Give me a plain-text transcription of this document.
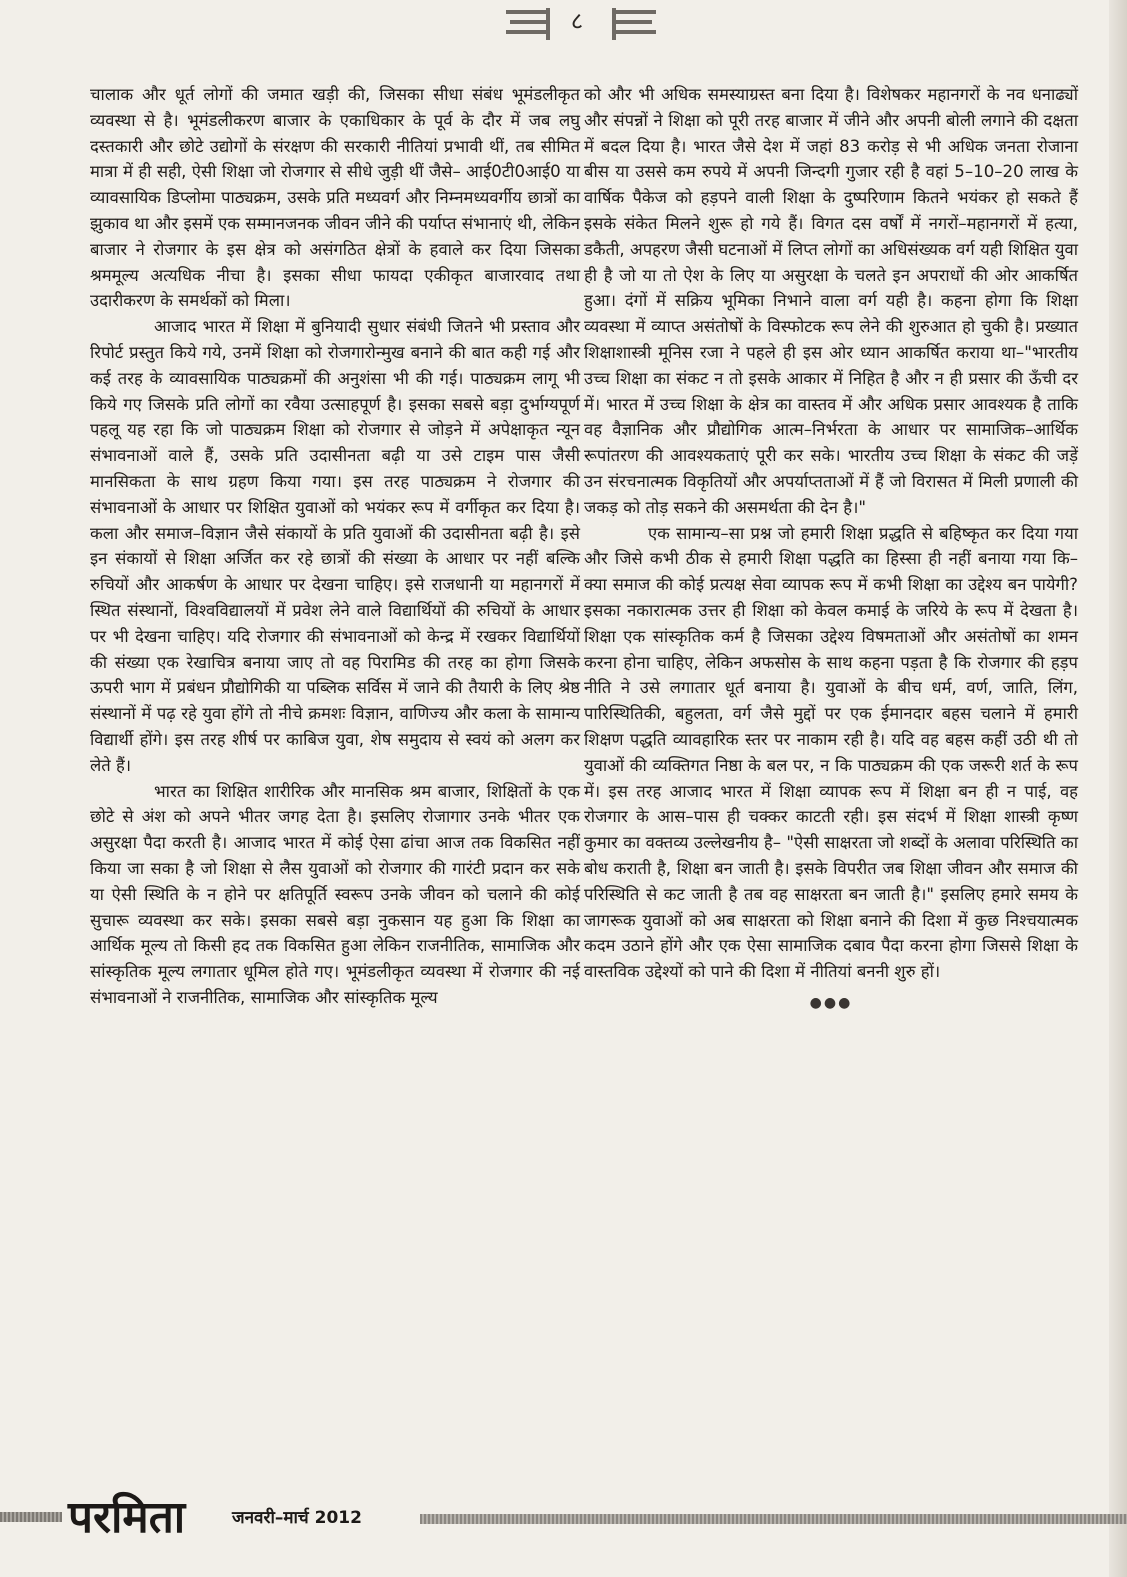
८

चालाक और धूर्त लोगों की जमात खड़ी की, जिसका सीधा संबंध भूमंडलीकृत व्यवस्था से है। भूमंडलीकरण बाजार के एकाधिकार के पूर्व के दौर में जब लघु दस्तकारी और छोटे उद्योगों के संरक्षण की सरकारी नीतियां प्रभावी थीं, तब सीमित मात्रा में ही सही, ऐसी शिक्षा जो रोजगार से सीधे जुड़ी थीं जैसे– आई0टी0आई0 या व्यावसायिक डिप्लोमा पाठ्यक्रम, उसके प्रति मध्यवर्ग और निम्नमध्यवर्गीय छात्रों का झुकाव था और इसमें एक सम्मानजनक जीवन जीने की पर्याप्त संभानाएं थी, लेकिन बाजार ने रोजगार के इस क्षेत्र को असंगठित क्षेत्रों के हवाले कर दिया जिसका श्रममूल्य अत्यधिक नीचा है। इसका सीधा फायदा एकीकृत बाजारवाद तथा उदारीकरण के समर्थकों को मिला।

आजाद भारत में शिक्षा में बुनियादी सुधार संबंधी जितने भी प्रस्ताव और रिपोर्ट प्रस्तुत किये गये, उनमें शिक्षा को रोजगारोन्मुख बनाने की बात कही गई और कई तरह के व्यावसायिक पाठ्यक्रमों की अनुशंसा भी की गई। पाठ्यक्रम लागू भी किये गए जिसके प्रति लोगों का रवैया उत्साहपूर्ण है। इसका सबसे बड़ा दुर्भाग्यपूर्ण पहलू यह रहा कि जो पाठ्यक्रम शिक्षा को रोजगार से जोड़ने में अपेक्षाकृत न्यून संभावनाओं वाले हैं, उसके प्रति उदासीनता बढ़ी या उसे टाइम पास जैसी मानसिकता के साथ ग्रहण किया गया। इस तरह पाठ्यक्रम ने रोजगार की संभावनाओं के आधार पर शिक्षित युवाओं को भयंकर रूप में वर्गीकृत कर दिया है। कला और समाज–विज्ञान जैसे संकायों के प्रति युवाओं की उदासीनता बढ़ी है। इसे इन संकायों से शिक्षा अर्जित कर रहे छात्रों की संख्या के आधार पर नहीं बल्कि रुचियों और आकर्षण के आधार पर देखना चाहिए। इसे राजधानी या महानगरों में स्थित संस्थानों, विश्वविद्यालयों में प्रवेश लेने वाले विद्यार्थियों की रुचियों के आधार पर भी देखना चाहिए। यदि रोजगार की संभावनाओं को केन्द्र में रखकर विद्यार्थियों की संख्या एक रेखाचित्र बनाया जाए तो वह पिरामिड की तरह का होगा जिसके ऊपरी भाग में प्रबंधन प्रौद्योगिकी या पब्लिक सर्विस में जाने की तैयारी के लिए श्रेष्ठ संस्थानों में पढ़ रहे युवा होंगे तो नीचे क्रमशः विज्ञान, वाणिज्य और कला के सामान्य विद्यार्थी होंगे। इस तरह शीर्ष पर काबिज युवा, शेष समुदाय से स्वयं को अलग कर लेते हैं।

भारत का शिक्षित शारीरिक और मानसिक श्रम बाजार, शिक्षितों के एक छोटे से अंश को अपने भीतर जगह देता है। इसलिए रोजागार उनके भीतर एक असुरक्षा पैदा करती है। आजाद भारत में कोई ऐसा ढांचा आज तक विकसित नहीं किया जा सका है जो शिक्षा से लैस युवाओं को रोजगार की गारंटी प्रदान कर सके या ऐसी स्थिति के न होने पर क्षतिपूर्ति स्वरूप उनके जीवन को चलाने की कोई सुचारू व्यवस्था कर सके। इसका सबसे बड़ा नुकसान यह हुआ कि शिक्षा का आर्थिक मूल्य तो किसी हद तक विकसित हुआ लेकिन राजनीतिक, सामाजिक और सांस्कृतिक मूल्य लगातार धूमिल होते गए। भूमंडलीकृत व्यवस्था में रोजगार की नई संभावनाओं ने राजनीतिक, सामाजिक और सांस्कृतिक मूल्य

को और भी अधिक समस्याग्रस्त बना दिया है। विशेषकर महानगरों के नव धनाढ्यों और संपन्नों ने शिक्षा को पूरी तरह बाजार में जीने और अपनी बोली लगाने की दक्षता में बदल दिया है। भारत जैसे देश में जहां 83 करोड़ से भी अधिक जनता रोजाना बीस या उससे कम रुपये में अपनी जिन्दगी गुजार रही है वहां 5–10–20 लाख के वार्षिक पैकेज को हड़पने वाली शिक्षा के दुष्परिणाम कितने भयंकर हो सकते हैं इसके संकेत मिलने शुरू हो गये हैं। विगत दस वर्षों में नगरों–महानगरों में हत्या, डकैती, अपहरण जैसी घटनाओं में लिप्त लोगों का अधिसंख्यक वर्ग यही शिक्षित युवा ही है जो या तो ऐश के लिए या असुरक्षा के चलते इन अपराधों की ओर आकर्षित हुआ। दंगों में सक्रिय भूमिका निभाने वाला वर्ग यही है। कहना होगा कि शिक्षा व्यवस्था में व्याप्त असंतोषों के विस्फोटक रूप लेने की शुरुआत हो चुकी है। प्रख्यात शिक्षाशास्त्री मूनिस रजा ने पहले ही इस ओर ध्यान आकर्षित कराया था–"भारतीय उच्च शिक्षा का संकट न तो इसके आकार में निहित है और न ही प्रसार की ऊँची दर में। भारत में उच्च शिक्षा के क्षेत्र का वास्तव में और अधिक प्रसार आवश्यक है ताकि वह वैज्ञानिक और प्रौद्योगिक आत्म–निर्भरता के आधार पर सामाजिक–आर्थिक रूपांतरण की आवश्यकताएं पूरी कर सके। भारतीय उच्च शिक्षा के संकट की जड़ें उन संरचनात्मक विकृतियों और अपर्याप्तताओं में हैं जो विरासत में मिली प्रणाली की जकड़ को तोड़ सकने की असमर्थता की देन है।"

एक सामान्य–सा प्रश्न जो हमारी शिक्षा प्रद्धति से बहिष्कृत कर दिया गया और जिसे कभी ठीक से हमारी शिक्षा पद्धति का हिस्सा ही नहीं बनाया गया कि– क्या समाज की कोई प्रत्यक्ष सेवा व्यापक रूप में कभी शिक्षा का उद्देश्य बन पायेगी?इसका नकारात्मक उत्तर ही शिक्षा को केवल कमाई के जरिये के रूप में देखता है। शिक्षा एक सांस्कृतिक कर्म है जिसका उद्देश्य विषमताओं और असंतोषों का शमन करना होना चाहिए, लेकिन अफसोस के साथ कहना पड़ता है कि रोजगार की हड़प नीति ने उसे लगातार धूर्त बनाया है। युवाओं के बीच धर्म, वर्ण, जाति, लिंग, पारिस्थितिकी, बहुलता, वर्ग जैसे मुद्दों पर एक ईमानदार बहस चलाने में हमारी शिक्षण पद्धति व्यावहारिक स्तर पर नाकाम रही है। यदि वह बहस कहीं उठी थी तो युवाओं की व्यक्तिगत निष्ठा के बल पर, न कि पाठ्यक्रम की एक जरूरी शर्त के रूप में। इस तरह आजाद भारत में शिक्षा व्यापक रूप में शिक्षा बन ही न पाई, वह रोजगार के आस–पास ही चक्कर काटती रही। इस संदर्भ में शिक्षा शास्त्री कृष्ण कुमार का वक्तव्य उल्लेखनीय है– "ऐसी साक्षरता जो शब्दों के अलावा परिस्थिति का बोध कराती है, शिक्षा बन जाती है। इसके विपरीत जब शिक्षा जीवन और समाज की परिस्थिति से कट जाती है तब वह साक्षरता बन जाती है।" इसलिए हमारे समय के जागरूक युवाओं को अब साक्षरता को शिक्षा बनाने की दिशा में कुछ निश्चयात्मक कदम उठाने होंगे और एक ऐसा सामाजिक दबाव पैदा करना होगा जिससे शिक्षा के वास्तविक उद्देश्यों को पाने की दिशा में नीतियां बननी शुरु हों।

●●●
परमिता	जनवरी–मार्च 2012
